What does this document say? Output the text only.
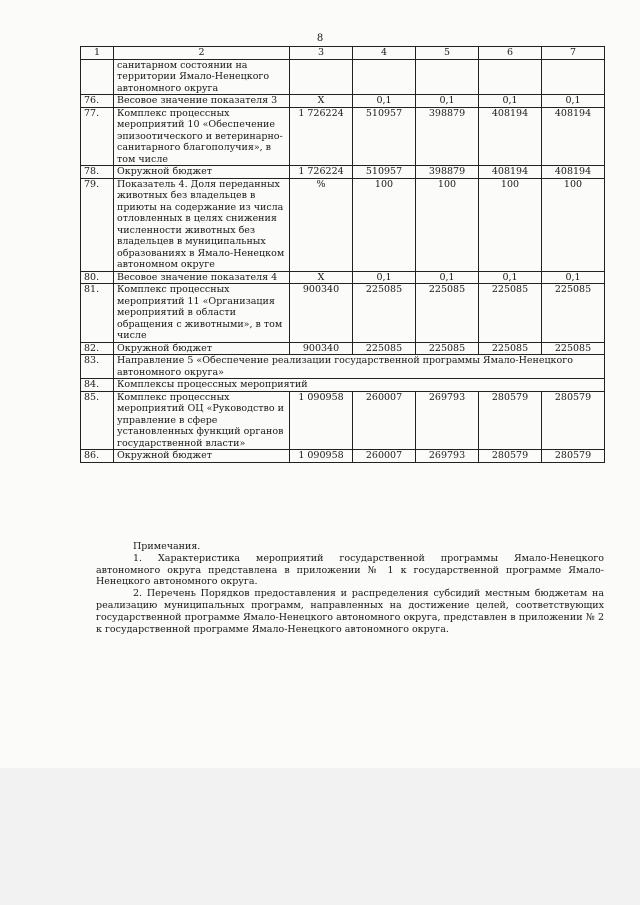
8
1	2	3	4	5	6	7
	санитарном состоянии на территории Ямало-Ненецкого автономного округа					
76.	Весовое значение показателя 3	Х	0,1	0,1	0,1	0,1
77.	Комплекс процессных мероприятий 10 «Обеспечение эпизоотического и ветеринарно-санитарного благополучия», в том числе	1 726224	510957	398879	408194	408194
78.	Окружной бюджет	1 726224	510957	398879	408194	408194
79.	Показатель 4. Доля переданных животных без владельцев в приюты на содержание из числа отловленных в целях снижения численности животных без владельцев в муниципальных образованиях в Ямало-Ненецком автономном округе	%	100	100	100	100
80.	Весовое значение показателя 4	Х	0,1	0,1	0,1	0,1
81.	Комплекс процессных мероприятий 11 «Организация мероприятий в области обращения с животными», в том числе	900340	225085	225085	225085	225085
82.	Окружной бюджет	900340	225085	225085	225085	225085
83.	Направление 5 «Обеспечение реализации государственной программы Ямало-Ненецкого автономного округа»					
84.	Комплексы процессных мероприятий					
85.	Комплекс процессных мероприятий ОЦ «Руководство и управление в сфере установленных функций органов государственной власти»	1 090958	260007	269793	280579	280579
86.	Окружной бюджет	1 090958	260007	269793	280579	280579

Примечания.

1. Характеристика мероприятий государственной программы Ямало-Ненецкого автономного округа представлена в приложении № 1 к государственной программе Ямало-Ненецкого автономного округа.

2. Перечень Порядков предоставления и распределения субсидий местным бюджетам на реализацию муниципальных программ, направленных на достижение целей, соответствующих государственной программе Ямало-Ненецкого автономного округа, представлен в приложении № 2 к государственной программе Ямало-Ненецкого автономного округа.
